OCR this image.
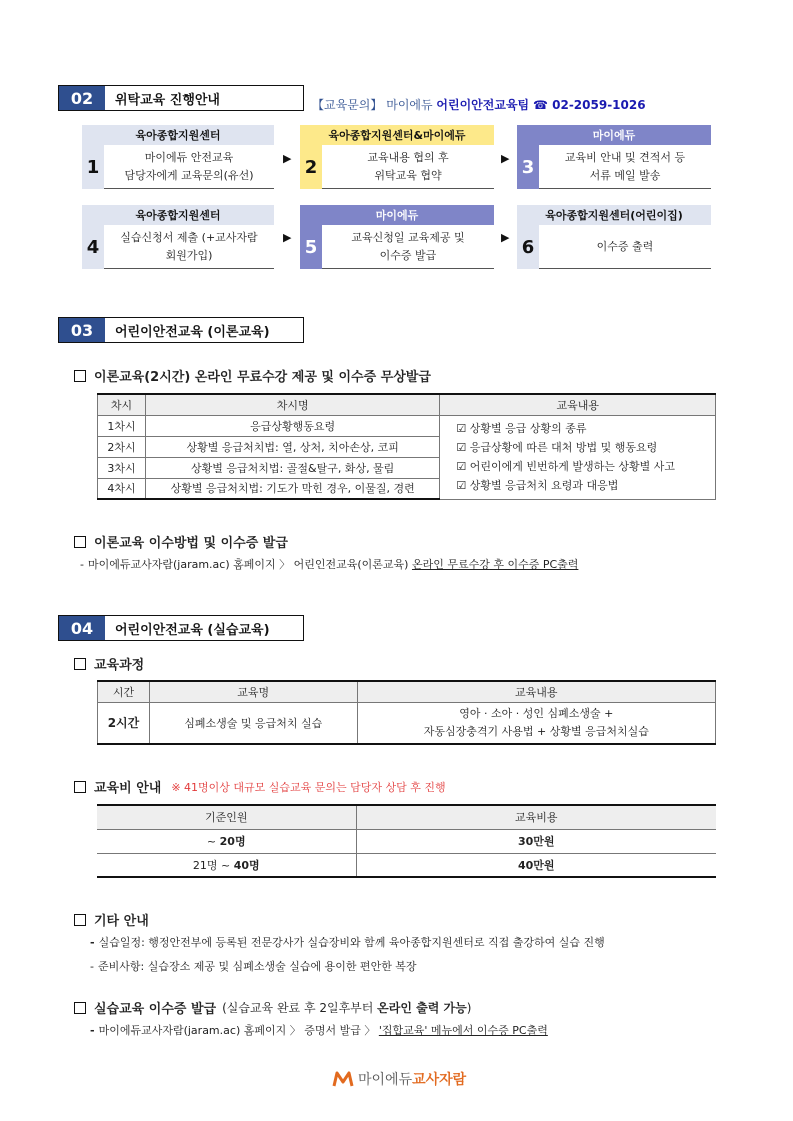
02	위탁교육 진행안내	【교육문의】 마이에듀 어린이안전교육팀 ☎ 02-2059-1026
육아종합지원센터
1	마이에듀 안전교육
담당자에게 교육문의(유선)
▶
육아종합지원센터&마이에듀
2	교육내용 협의 후
위탁교육 협약
▶
마이에듀
3	교육비 안내 및 견적서 등
서류 메일 발송
육아종합지원센터
4	실습신청서 제출 (+교사자람
회원가입)
▶
마이에듀
5	교육신청일 교육제공 및
이수증 발급
▶
육아종합지원센터(어린이집)
6	이수증 출력
03	어린이안전교육 (이론교육)
이론교육(2시간) 온라인 무료수강 제공 및 이수증 무상발급
차시	차시명	교육내용
1차시	응급상황행동요령	☑ 상황별 응급 상황의 종류
☑ 응급상황에 따른 대처 방법 및 행동요령
☑ 어린이에게 빈번하게 발생하는 상황별 사고
☑ 상황별 응급처치 요령과 대응법

2차시	상황별 응급처치법: 열, 상처, 치아손상, 코피	
3차시	상황별 응급처치법: 골절&탈구, 화상, 물림	
4차시	상황별 응급처치법: 기도가 막힌 경우, 이물질, 경련	
이론교육 이수방법 및 이수증 발급
- 마이에듀교사자람(jaram.ac) 홈페이지 〉 어린인전교육(이론교육) 온라인 무료수강 후 이수증 PC출력
04	어린이안전교육 (실습교육)
교육과정
시간	교육명	교육내용
2시간	심폐소생술 및 응급처치 실습	영아 · 소아 · 성인 심폐소생술 +
자동심장충격기 사용법 + 상황별 응급처치실습
교육비 안내 ※ 41명이상 대규모 실습교육 문의는 담당자 상담 후 진행
기준인원	교육비용
~ 20명	30만원
21명 ~ 40명	40만원
기타 안내
- 실습일정: 행정안전부에 등록된 전문강사가 실습장비와 함께 육아종합지원센터로 직접 출강하여 실습 진행
- 준비사항: 실습장소 제공 및 심폐소생술 실습에 용이한 편안한 복장
실습교육 이수증 발급 (실습교육 완료 후 2일후부터 온라인 출력 가능)
- 마이에듀교사자람(jaram.ac) 홈페이지 〉 증명서 발급 〉 '집합교육' 메뉴에서 이수증 PC출력
마이에듀 교사자람
